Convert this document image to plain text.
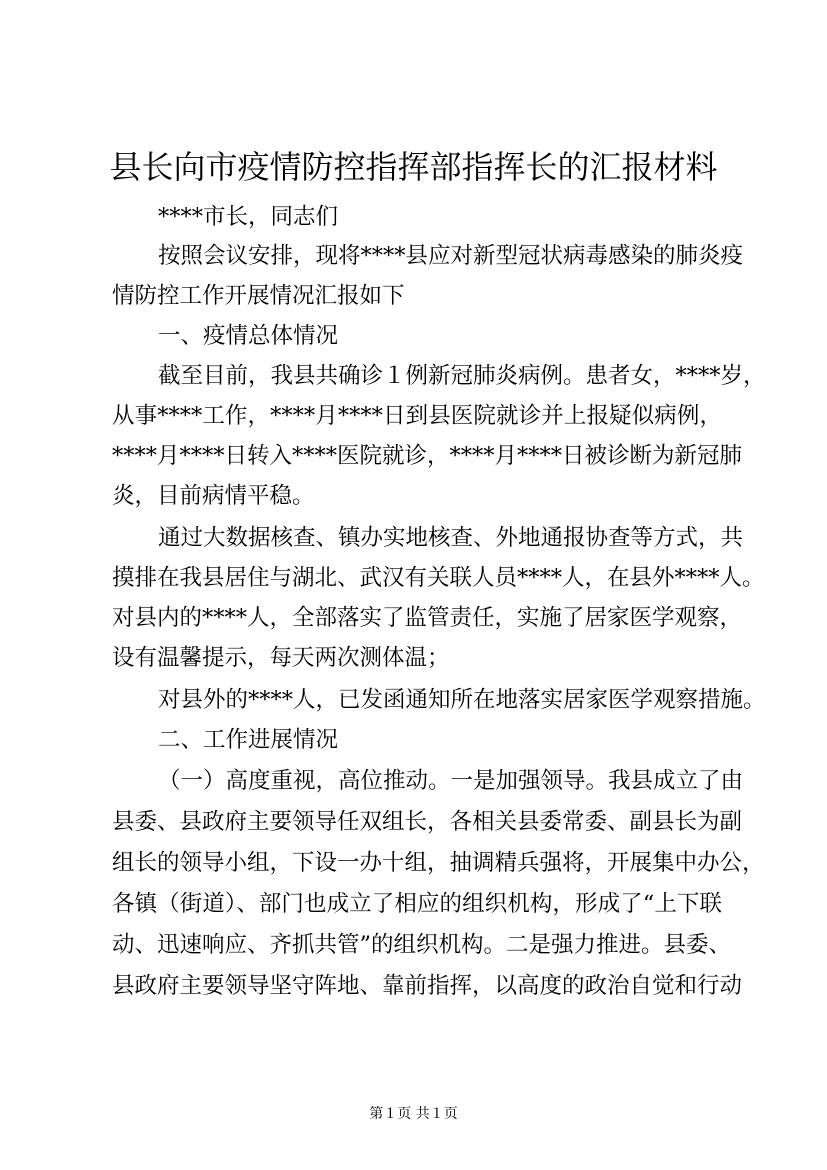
县长向市疫情防控指挥部指挥长的汇报材料
****市长，同志们
按照会议安排，现将****县应对新型冠状病毒感染的肺炎疫
情防控工作开展情况汇报如下
一、疫情总体情况
截至目前，我县共确诊１例新冠肺炎病例。患者女，****岁，
从事****工作，****月****日到县医院就诊并上报疑似病例，
****月****日转入****医院就诊，****月****日被诊断为新冠肺
炎，目前病情平稳。
通过大数据核查、镇办实地核查、外地通报协查等方式，共
摸排在我县居住与湖北、武汉有关联人员****人，在县外****人。
对县内的****人，全部落实了监管责任，实施了居家医学观察，
设有温馨提示，每天两次测体温；
对县外的****人，已发函通知所在地落实居家医学观察措施。
二、工作进展情况
（一）高度重视，高位推动。一是加强领导。我县成立了由
县委、县政府主要领导任双组长，各相关县委常委、副县长为副
组长的领导小组，下设一办十组，抽调精兵强将，开展集中办公，
各镇（街道）、部门也成立了相应的组织机构，形成了“上下联
动、迅速响应、齐抓共管”的组织机构。二是强力推进。县委、
县政府主要领导坚守阵地、靠前指挥，以高度的政治自觉和行动
第１页 共１页
